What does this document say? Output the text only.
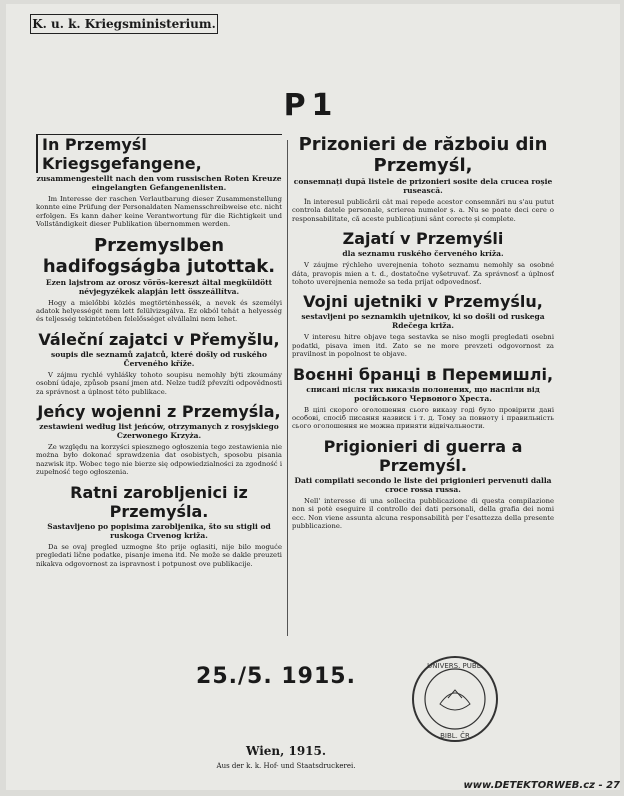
K. u. k. Kriegsministerium.
P1
In Przemyśl Kriegsgefangene,
zusammengestellt nach den vom russischen Roten Kreuze eingelangten Gefangenenlisten.
Im Interesse der raschen Verlautbarung dieser Zusammenstellung konnte eine Prüfung der Personaldaten Namensschreibweise etc. nicht erfolgen. Es kann daher keine Verantwortung für die Richtigkeit und Vollständigkeit dieser Publikation übernommen werden.
Przemyslben hadifogságba jutottak.
Ezen lajstrom az orosz vörös-kereszt által megküldött névjegyzékek alapján lett összeállítva.
Hogy a mielőbbi közlés megtörténhessék, a nevek és személyi adatok helyességét nem lett felülvizsgálva. Ez okból tehát a helyesség és teljesség tekintetében felelősséget elvállalni nem lehet.
Váleční zajatci v Přemyšlu,
soupis dle seznamů zajatců, které došly od ruského Červeného kříže.
V zájmu rychlé vyhlášky tohoto soupisu nemohly býti zkoumány osobní údaje, způsob psaní jmen atd. Nelze tudíž převzíti odpovědnosti za správnost a úplnost této publikace.
Jeńcy wojenni z Przemyśla,
zestawieni według list jeńców, otrzymanych z rosyjskiego Czerwonego Krzyża.
Ze względu na korzyści spiesznego ogłoszenia tego zestawienia nie można było dokonać sprawdzenia dat osobistych, sposobu pisania nazwisk itp. Wobec tego nie bierze się odpowiedzialności za zgodność i zupełność tego ogłoszenia.
Ratni zarobljenici iz Przemyśla.
Sastavljeno po popisima zarobljenika, što su stigli od ruskoga Crvenog križa.
Da se ovaj pregled uzmogne što prije oglasiti, nije bilo moguće pregledati lične podatke, pisanje imena itd. Ne može se dakle preuzeti nikakva odgovornost za ispravnost i potpunost ove publikacije.
Prizonieri de războiu din Przemyśl,
consemnați după listele de prizonieri sosite dela crucea roșie rusească.
În interesul publicării cât mai repede acestor consemnări nu s'au putut controla datele personale, scrierea numelor ș. a. Nu se poate deci cere o responsabilitate, că aceste publicațiuni sânt corecte și complete.
Zajatí v Przemyśli
dla seznamu ruského červeného kríža.
V záujme rýchleho uverejnenia tohoto seznamu nemohly sa osobné dáta, pravopis mien a t. d., dostatočne vyšetruvať. Za správnosť a úplnosť tohoto uverejnenia nemože sa teda prijat odpovednosť.
Vojni ujetniki v Przemyślu,
sestavljeni po seznamkih ujetnikov, ki so došli od ruskega Rdečega križa.
V interesu hitre objave tega sestavka se niso mogli pregledati osebni podatki, pisava imen itd. Zato se ne more prevzeti odgovornost za pravilnost in popolnost te objave.
Воєнні бранці в Перемишлі,
списані після тих виказів полонених, що наспіли від російського Червоного Хреста.
В цілі скорого оголошення сього виказу годі було провірити дані особові, спосіб писання назвиск і т. д. Тому за повноту і правильність сього оголошення не можна приняти відвічальности.
Prigionieri di guerra a Przemyśl.
Dati compilati secondo le liste dei prigionieri pervenuti dalla croce rossa russa.
Nell' interesse di una sollecita pubblicazione di questa compilazione non si potè eseguire il controllo dei dati personali, della grafia dei nomi ecc. Non viene assunta alcuna responsabilità per l'esattezza della presente pubblicazione.
25./5. 1915.	UNIVERS. PUBL.
BIBL. ČR
Wien, 1915.
Aus der k. k. Hof- und Staatsdruckerei.
www.DETEKTORWEB.cz - 27
